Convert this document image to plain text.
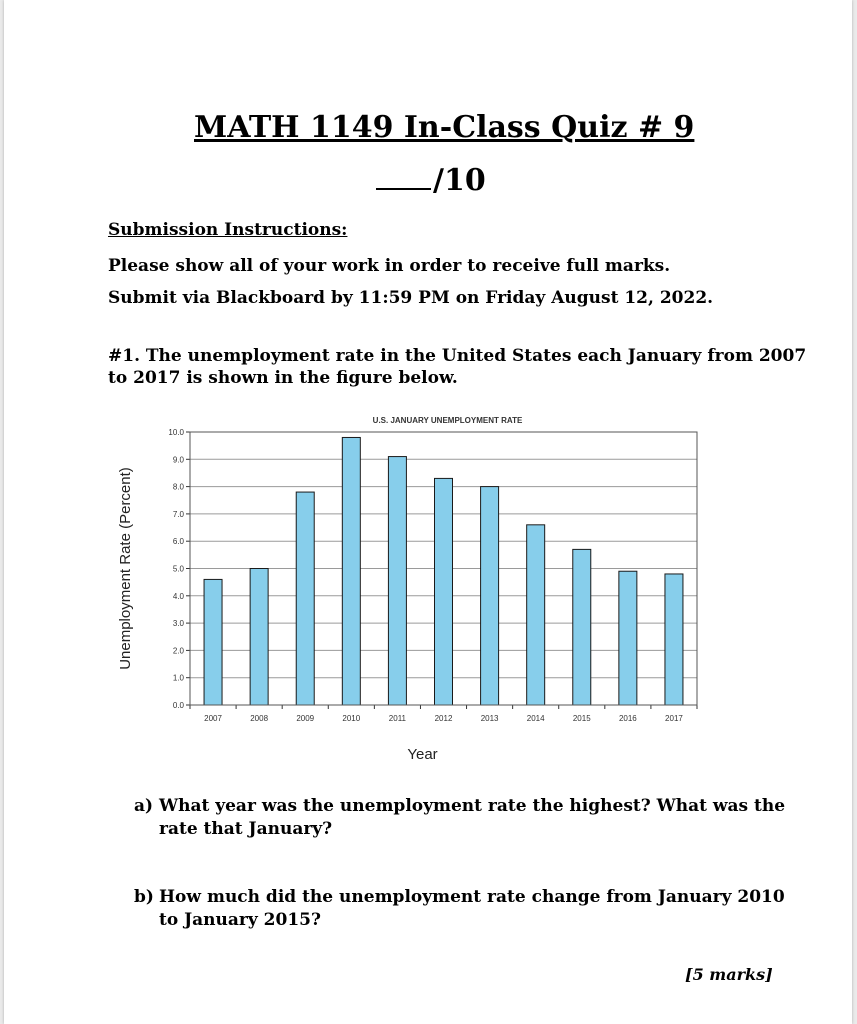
MATH 1149 In-Class Quiz # 9
/10
Submission Instructions:
Please show all of your work in order to receive full marks.
Submit via Blackboard by 11:59 PM on Friday August 12, 2022.
#1. The unemployment rate in the United States each January from 2007
to 2017 is shown in the figure below.
0.0
1.0
2.0
3.0
4.0
5.0
6.0
7.0
8.0
9.0
10.0
2007	2008	2009	2010	2011	2012	2013	2014	2015	2016	2017
U.S. JANUARY UNEMPLOYMENT RATE
Year
Unemployment Rate (Percent)
a) What year was the unemployment rate the highest? What was the
rate that January?
b) How much did the unemployment rate change from January 2010
to January 2015?
[5 marks]
